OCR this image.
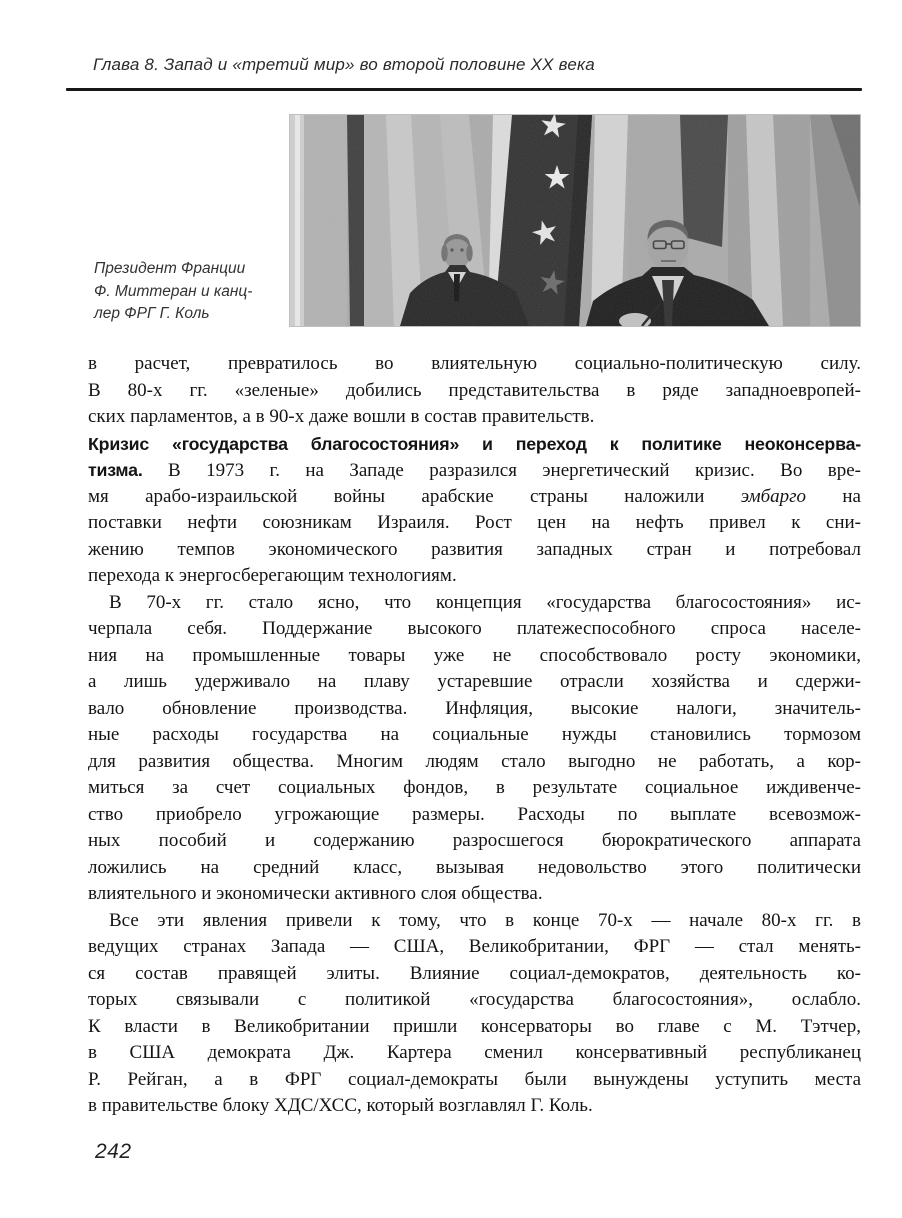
Глава 8. Запад и «третий мир» во второй половине XX века
Президент Франции
Ф. Миттеран и канц-
лер ФРГ Г. Коль
в расчет, превратилось во влиятельную социально-политическую силу.
В 80-х гг. «зеленые» добились представительства в ряде западноевропей-
ских парламентов, а в 90-х даже вошли в состав правительств.
Кризис «государства благосостояния» и переход к политике неоконсерва-
тизма. В 1973 г. на Западе разразился энергетический кризис. Во вре-
мя арабо-израильской войны арабские страны наложили эмбарго на
поставки нефти союзникам Израиля. Рост цен на нефть привел к сни-
жению темпов экономического развития западных стран и потребовал
перехода к энергосберегающим технологиям.
В 70-х гг. стало ясно, что концепция «государства благосостояния» ис-
черпала себя. Поддержание высокого платежеспособного спроса населе-
ния на промышленные товары уже не способствовало росту экономики,
а лишь удерживало на плаву устаревшие отрасли хозяйства и сдержи-
вало обновление производства. Инфляция, высокие налоги, значитель-
ные расходы государства на социальные нужды становились тормозом
для развития общества. Многим людям стало выгодно не работать, а кор-
миться за счет социальных фондов, в результате социальное иждивенче-
ство приобрело угрожающие размеры. Расходы по выплате всевозмож-
ных пособий и содержанию разросшегося бюрократического аппарата
ложились на средний класс, вызывая недовольство этого политически
влиятельного и экономически активного слоя общества.
Все эти явления привели к тому, что в конце 70-х — начале 80-х гг. в
ведущих странах Запада — США, Великобритании, ФРГ — стал менять-
ся состав правящей элиты. Влияние социал-демократов, деятельность ко-
торых связывали с политикой «государства благосостояния», ослабло.
К власти в Великобритании пришли консерваторы во главе с М. Тэтчер,
в США демократа Дж. Картера сменил консервативный республиканец
Р. Рейган, а в ФРГ социал-демократы были вынуждены уступить места
в правительстве блоку ХДС/ХСС, который возглавлял Г. Коль.
242
